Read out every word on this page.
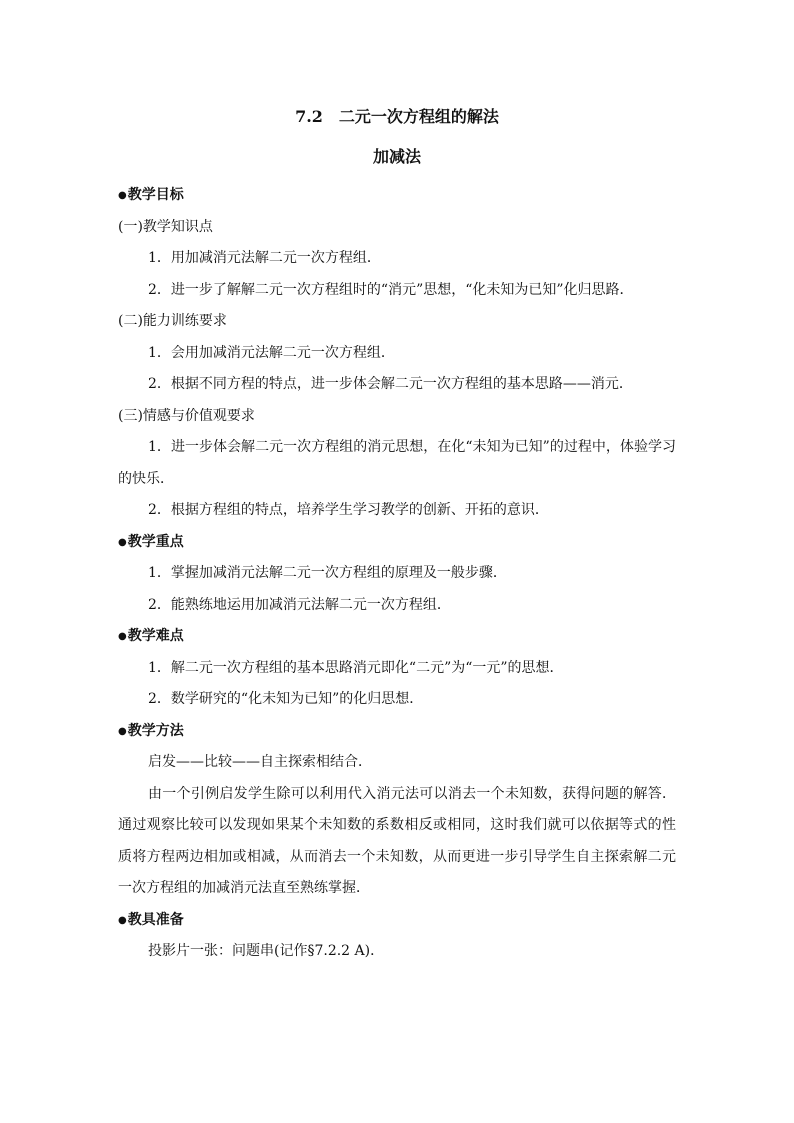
7.2　二元一次方程组的解法

加减法

●教学目标

(一)教学知识点

1．用加减消元法解二元一次方程组．

2．进一步了解解二元一次方程组时的“消元”思想，“化未知为已知”化归思路．

(二)能力训练要求

1．会用加减消元法解二元一次方程组．

2．根据不同方程的特点，进一步体会解二元一次方程组的基本思路——消元．

(三)情感与价值观要求

1．进一步体会解二元一次方程组的消元思想，在化“未知为已知”的过程中，体验学习的快乐．

2．根据方程组的特点，培养学生学习教学的创新、开拓的意识．

●教学重点

1．掌握加减消元法解二元一次方程组的原理及一般步骤．

2．能熟练地运用加减消元法解二元一次方程组．

●教学难点

1．解二元一次方程组的基本思路消元即化“二元”为“一元”的思想．

2．数学研究的“化未知为已知”的化归思想．

●教学方法

启发——比较——自主探索相结合．

由一个引例启发学生除可以利用代入消元法可以消去一个未知数，获得问题的解答．通过观察比较可以发现如果某个未知数的系数相反或相同，这时我们就可以依据等式的性质将方程两边相加或相减，从而消去一个未知数，从而更进一步引导学生自主探索解二元一次方程组的加减消元法直至熟练掌握．

●教具准备

投影片一张：问题串(记作§7.2.2 A)．
